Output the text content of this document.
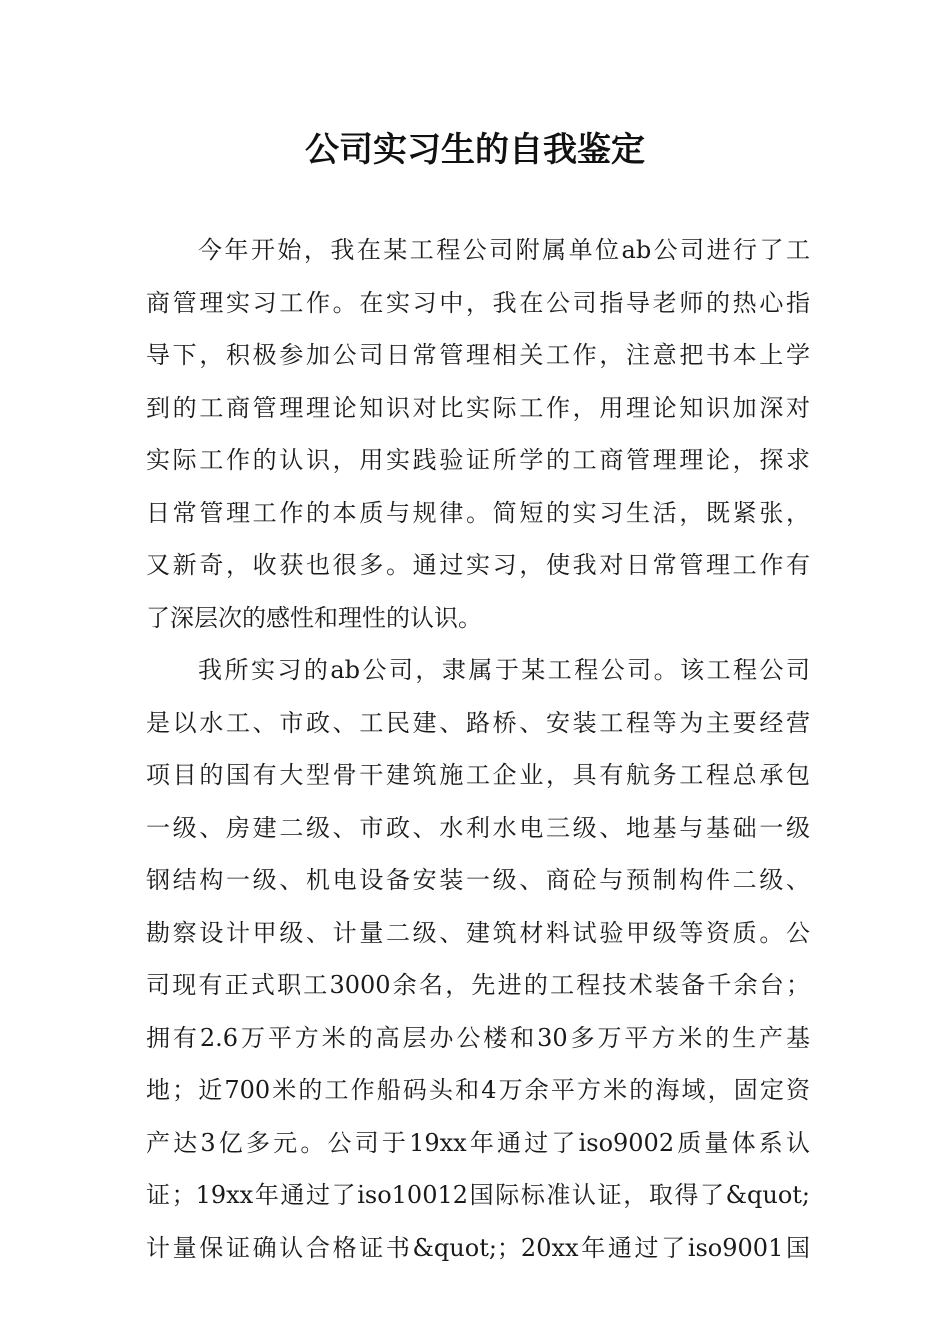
公司实习生的自我鉴定
今年开始，我在某工程公司附属单位ab公司进行了工
商管理实习工作。在实习中，我在公司指导老师的热心指
导下，积极参加公司日常管理相关工作，注意把书本上学
到的工商管理理论知识对比实际工作，用理论知识加深对
实际工作的认识，用实践验证所学的工商管理理论，探求
日常管理工作的本质与规律。简短的实习生活，既紧张，
又新奇，收获也很多。通过实习，使我对日常管理工作有
了深层次的感性和理性的认识。
我所实习的ab公司，隶属于某工程公司。该工程公司
是以水工、市政、工民建、路桥、安装工程等为主要经营
项目的国有大型骨干建筑施工企业，具有航务工程总承包
一级、房建二级、市政、水利水电三级、地基与基础一级
钢结构一级、机电设备安装一级、商砼与预制构件二级、
勘察设计甲级、计量二级、建筑材料试验甲级等资质。公
司现有正式职工3000余名，先进的工程技术装备千余台；
拥有2.6万平方米的高层办公楼和30多万平方米的生产基
地；近700米的工作船码头和4万余平方米的海域，固定资
产达3亿多元。公司于19xx年通过了iso9002质量体系认
证；19xx年通过了iso10012国际标准认证，取得了&quot;
计量保证确认合格证书&quot;；20xx年通过了iso9001国
